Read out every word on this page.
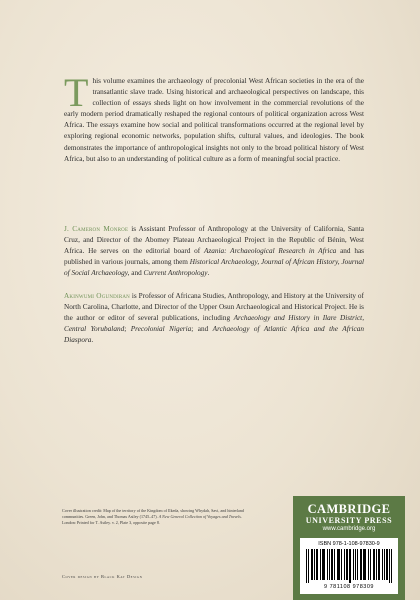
This volume examines the archaeology of precolonial West African societies in the era of the transatlantic slave trade. Using historical and archaeological perspectives on landscape, this collection of essays sheds light on how involvement in the commercial revolutions of the early modern period dramatically reshaped the regional contours of political organization across West Africa. The essays examine how social and political transformations occurred at the regional level by exploring regional economic networks, population shifts, cultural values, and ideologies. The book demonstrates the importance of anthropological insights not only to the broad political history of West Africa, but also to an understanding of political culture as a form of meaningful social practice.

J. Cameron Monroe is Assistant Professor of Anthropology at the University of California, Santa Cruz, and Director of the Abomey Plateau Archaeological Project in the Republic of Bénin, West Africa. He serves on the editorial board of Azania: Archaeological Research in Africa and has published in various journals, among them Historical Archaeology, Journal of African History, Journal of Social Archaeology, and Current Anthropology.

Akinwumi Ogundiran is Professor of Africana Studies, Anthropology, and History at the University of North Carolina, Charlotte, and Director of the Upper Osun Archaeological and Historical Project. He is the author or editor of several publications, including Archaeology and History in Ilare District, Central Yorubaland; Precolonial Nigeria; and Archaeology of Atlantic Africa and the African Diaspora.

Cover illustration credit: Map of the territory of the Kingdom of Ilkeda, showing Whydah, Savi, and hinterland communities. Green, John, and Thomas Astley (1745–47). A New General Collection of Voyages and Travels. London: Printed for T. Astley. v. 2, Plate 3, opposite page 8.

Cover design by Black Kat Design

CAMBRIDGE
UNIVERSITY PRESS
www.cambridge.org
ISBN 978-1-108-97830-9
9 781108 978309
